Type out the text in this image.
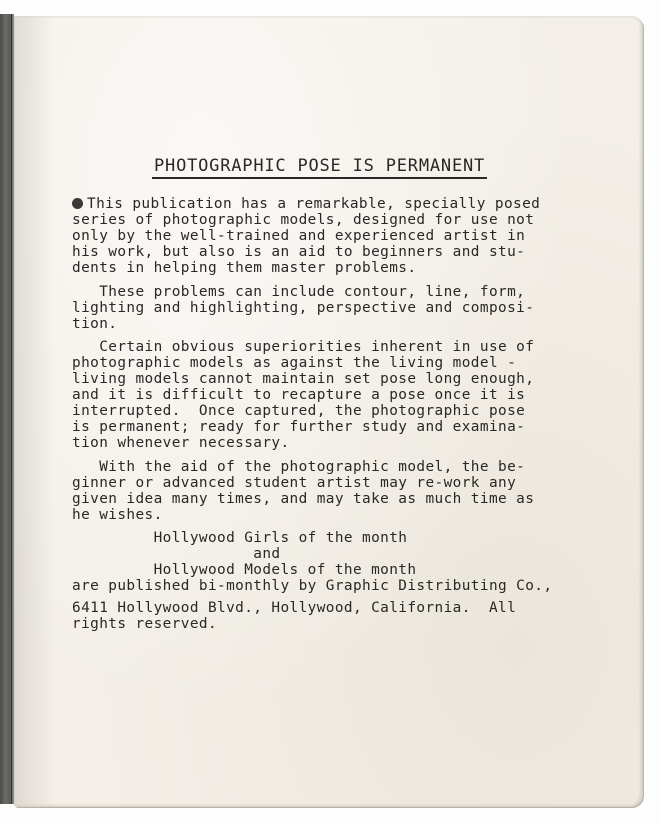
PHOTOGRAPHIC POSE IS PERMANENT
This publication has a remarkable, specially posed
series of photographic models, designed for use not
only by the well-trained and experienced artist in
his work, but also is an aid to beginners and stu-
dents in helping them master problems.
These problems can include contour, line, form,
lighting and highlighting, perspective and composi-
tion.
Certain obvious superiorities inherent in use of
photographic models as against the living model -
living models cannot maintain set pose long enough,
and it is difficult to recapture a pose once it is
interrupted.  Once captured, the photographic pose
is permanent; ready for further study and examina-
tion whenever necessary.
With the aid of the photographic model, the be-
ginner or advanced student artist may re-work any
given idea many times, and may take as much time as
he wishes.
Hollywood Girls of the month
and
Hollywood Models of the month
are published bi-monthly by Graphic Distributing Co.,
6411 Hollywood Blvd., Hollywood, California.  All
rights reserved.
